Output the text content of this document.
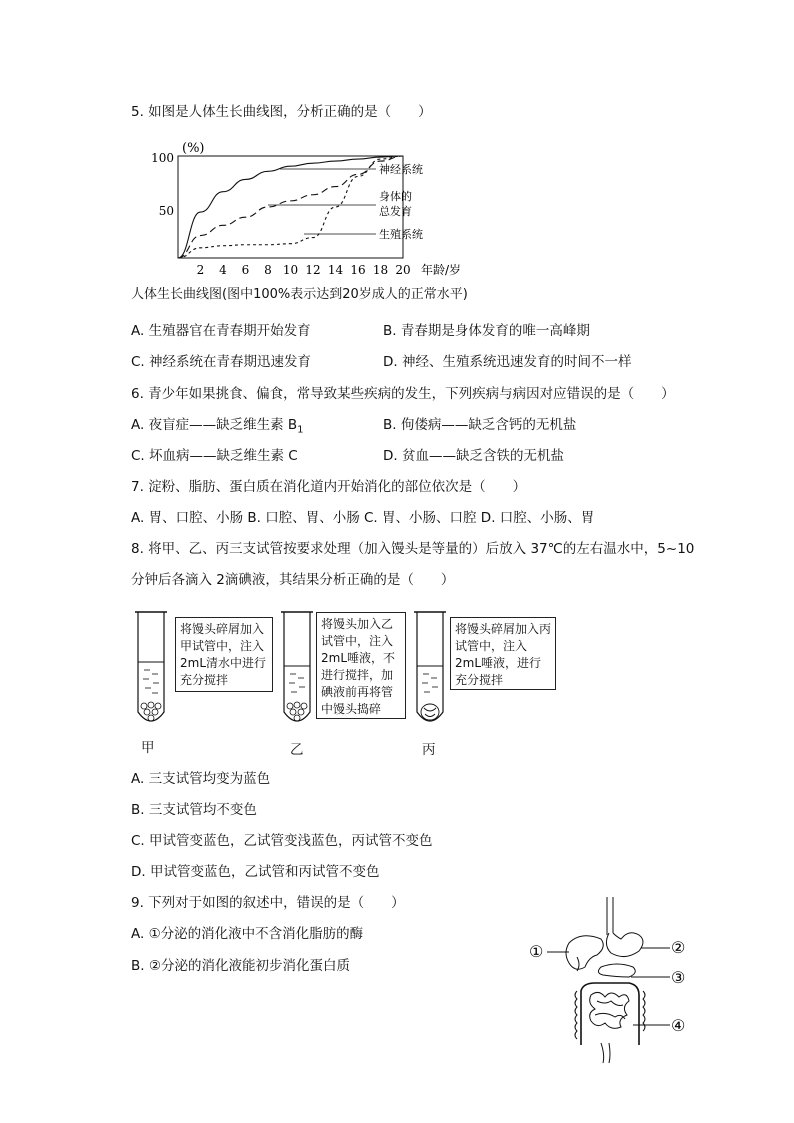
5. 如图是人体生长曲线图，分析正确的是（　　）
(%)
100
50
2 4 6 8 10 12 14 16 18 20 年龄/岁
神经系统
身体的
总发育
生殖系统
人体生长曲线图(图中100%表示达到20岁成人的正常水平)
A. 生殖器官在青春期开始发育	B. 青春期是身体发育的唯一高峰期
C. 神经系统在青春期迅速发育	D. 神经、生殖系统迅速发育的时间不一样
6. 青少年如果挑食、偏食，常导致某些疾病的发生，下列疾病与病因对应错误的是（　　）
A. 夜盲症——缺乏维生素 $B_1$	B. 佝偻病——缺乏含钙的无机盐
C. 坏血病——缺乏维生素 C	D. 贫血——缺乏含铁的无机盐
7. 淀粉、脂肪、蛋白质在消化道内开始消化的部位依次是（　　）
A. 胃、口腔、小肠 B. 口腔、胃、小肠 C. 胃、小肠、口腔 D. 口腔、小肠、胃
8. 将甲、乙、丙三支试管按要求处理（加入馒头是等量的）后放入 37℃的左右温水中，5~10
分钟后各滴入 2滴碘液，其结果分析正确的是（　　）
将馒头碎屑加入甲试管中，注入2mL清水中进行充分搅拌
将馒头加入乙试管中，注入2mL唾液，不进行搅拌，加碘液前再将管中馒头捣碎
将馒头碎屑加入丙试管中，注入2mL唾液，进行充分搅拌
甲	乙	丙
A. 三支试管均变为蓝色
B. 三支试管均不变色
C. 甲试管变蓝色，乙试管变浅蓝色，丙试管不变色
D. 甲试管变蓝色，乙试管和丙试管不变色
9. 下列对于如图的叙述中，错误的是（　　）
A. ①分泌的消化液中不含消化脂肪的酶
B. ②分泌的消化液能初步消化蛋白质
①	②
③
④
